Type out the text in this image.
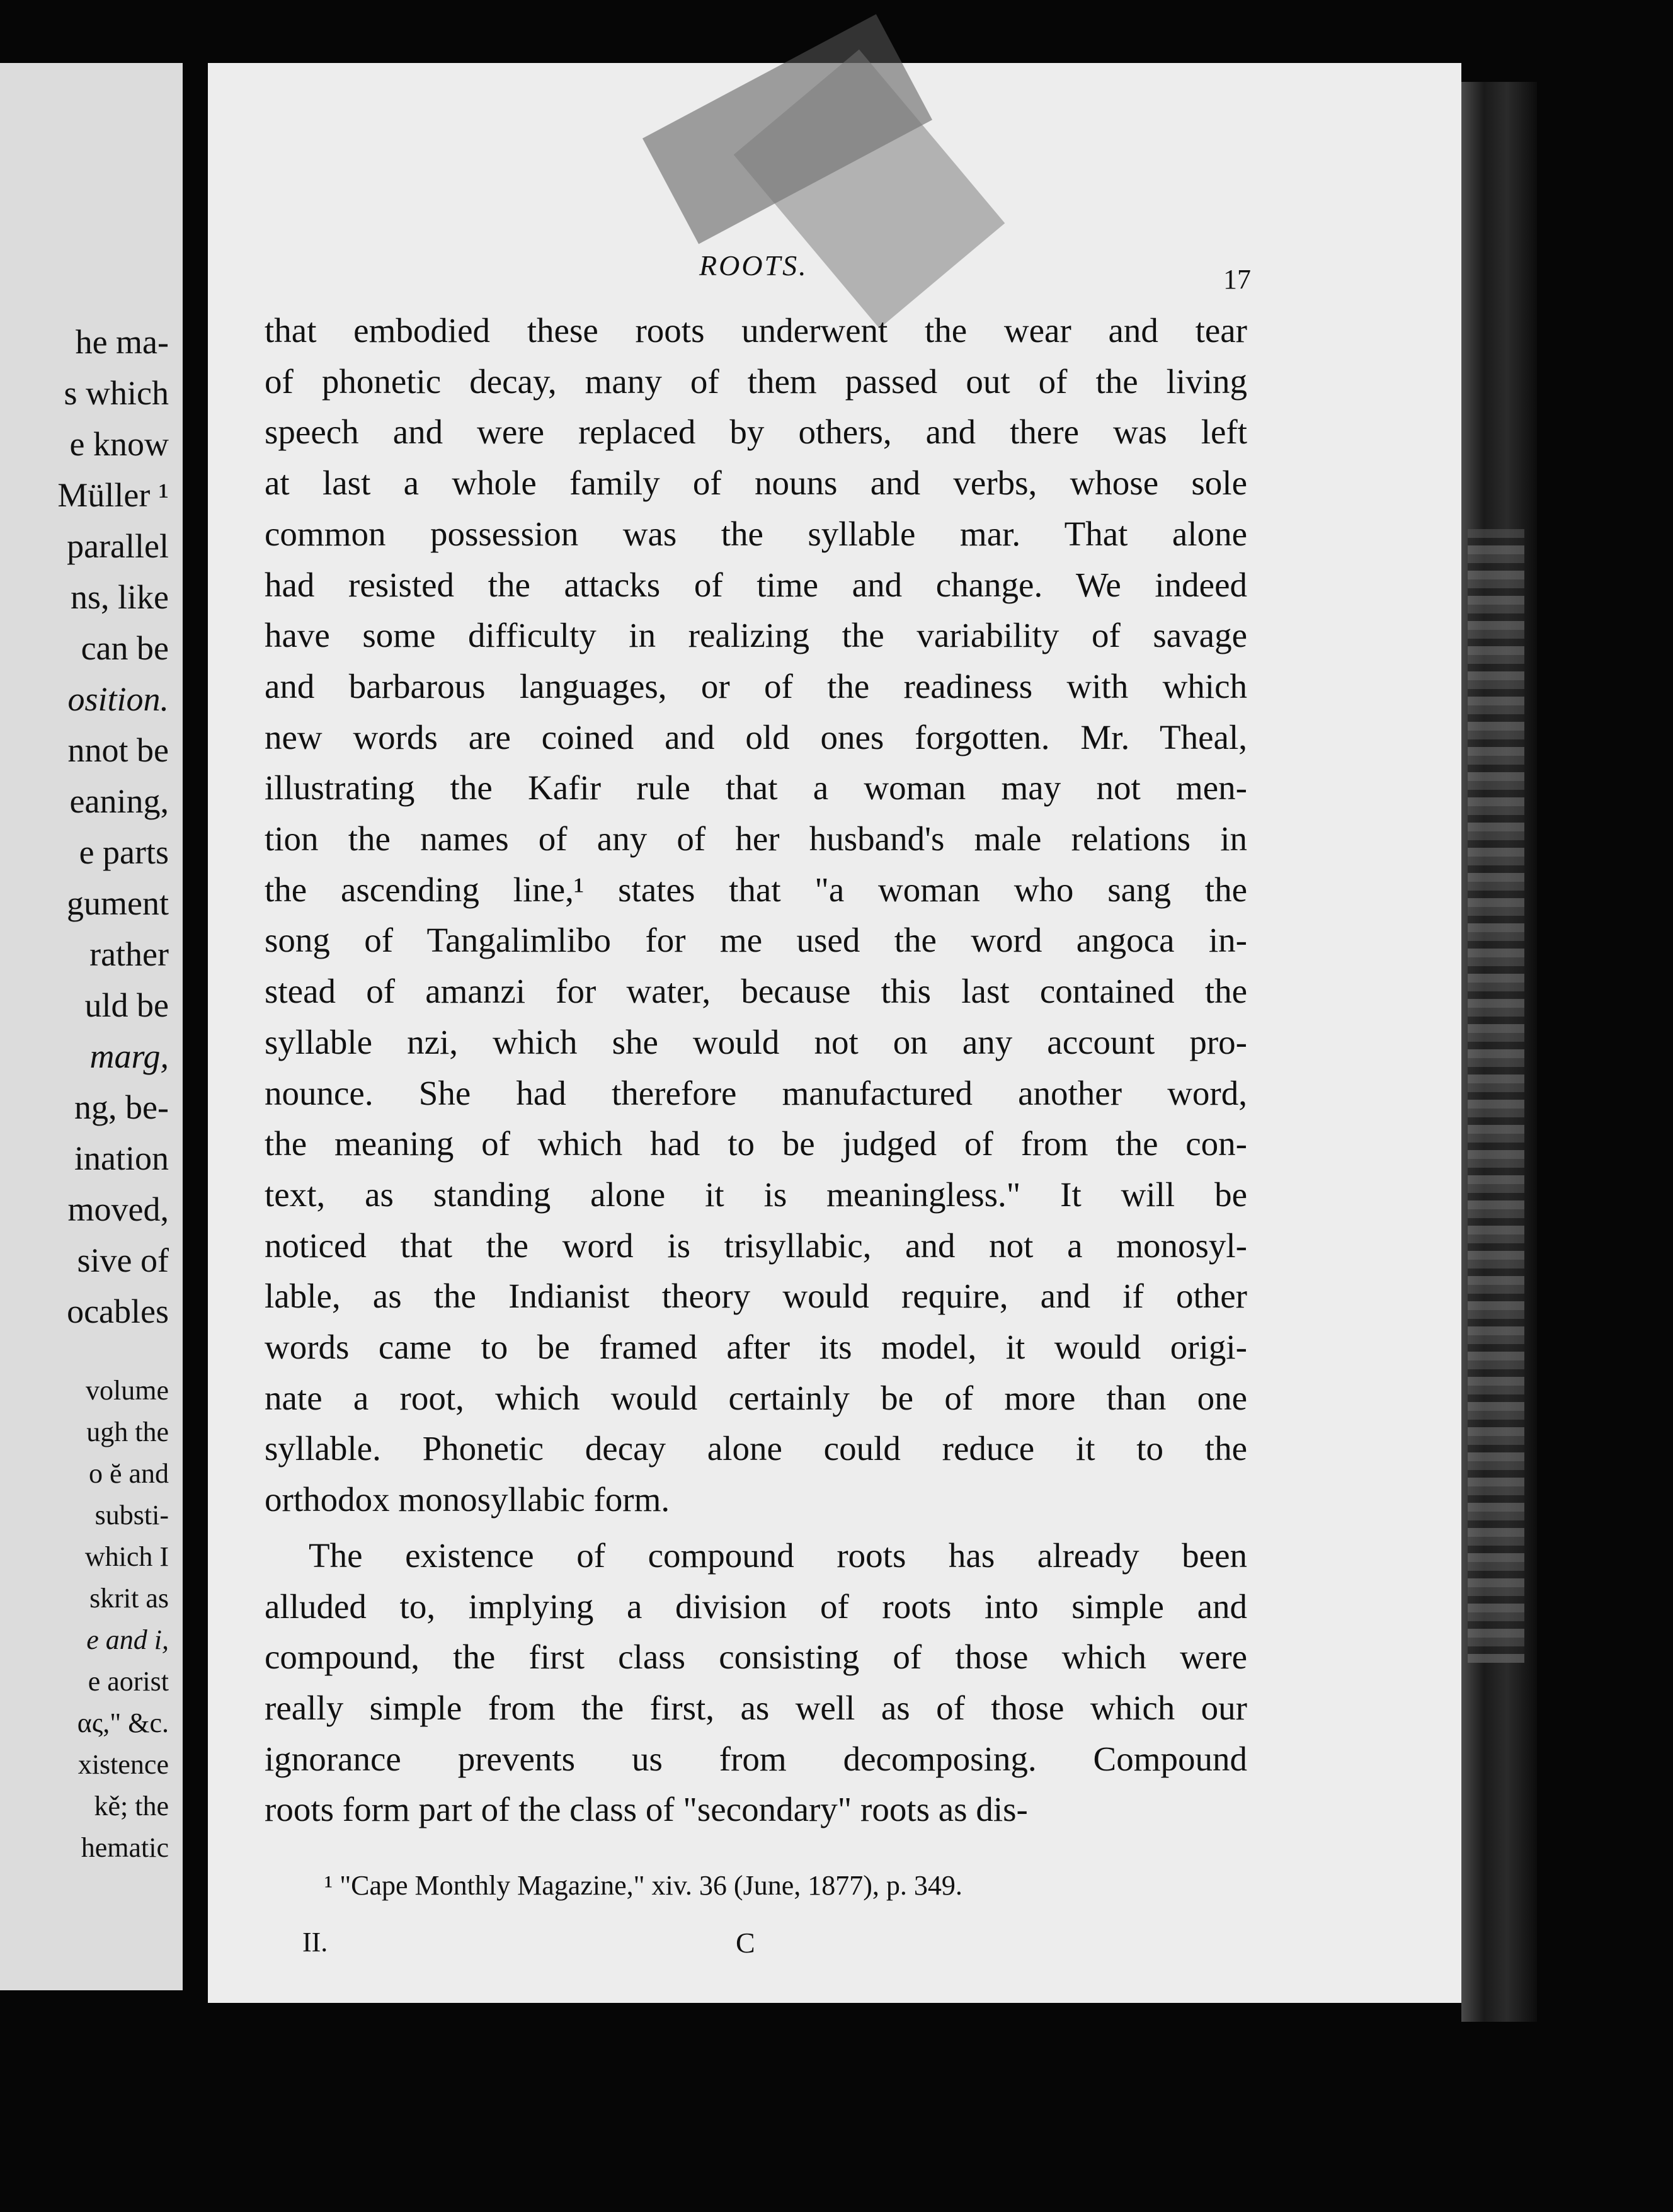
he ma-
s which
e know
Müller ¹
parallel
ns, like
can be
osition.
nnot be
eaning,
e parts
gument
rather
uld be
marg,
ng, be-
ination
moved,
sive of
ocables
volume
ugh the
o ĕ and
substi-
which I
skrit as
e and i,
e aorist
ας," &c.
xistence
kě; the
hematic
ROOTS.	17
that embodied these roots underwent the wear and tear
of phonetic decay, many of them passed out of the living
speech and were replaced by others, and there was left
at last a whole family of nouns and verbs, whose sole
common possession was the syllable mar. That alone
had resisted the attacks of time and change. We indeed
have some difficulty in realizing the variability of savage
and barbarous languages, or of the readiness with which
new words are coined and old ones forgotten. Mr. Theal,
illustrating the Kafir rule that a woman may not men-
tion the names of any of her husband's male relations in
the ascending line,¹ states that "a woman who sang the
song of Tangalimlibo for me used the word angoca in-
stead of amanzi for water, because this last contained the
syllable nzi, which she would not on any account pro-
nounce. She had therefore manufactured another word,
the meaning of which had to be judged of from the con-
text, as standing alone it is meaningless." It will be
noticed that the word is trisyllabic, and not a monosyl-
lable, as the Indianist theory would require, and if other
words came to be framed after its model, it would origi-
nate a root, which would certainly be of more than one
syllable. Phonetic decay alone could reduce it to the
orthodox monosyllabic form.
The existence of compound roots has already been
alluded to, implying a division of roots into simple and
compound, the first class consisting of those which were
really simple from the first, as well as of those which our
ignorance prevents us from decomposing. Compound
roots form part of the class of "secondary" roots as dis-
¹ "Cape Monthly Magazine," xiv. 36 (June, 1877), p. 349.
II.	C
